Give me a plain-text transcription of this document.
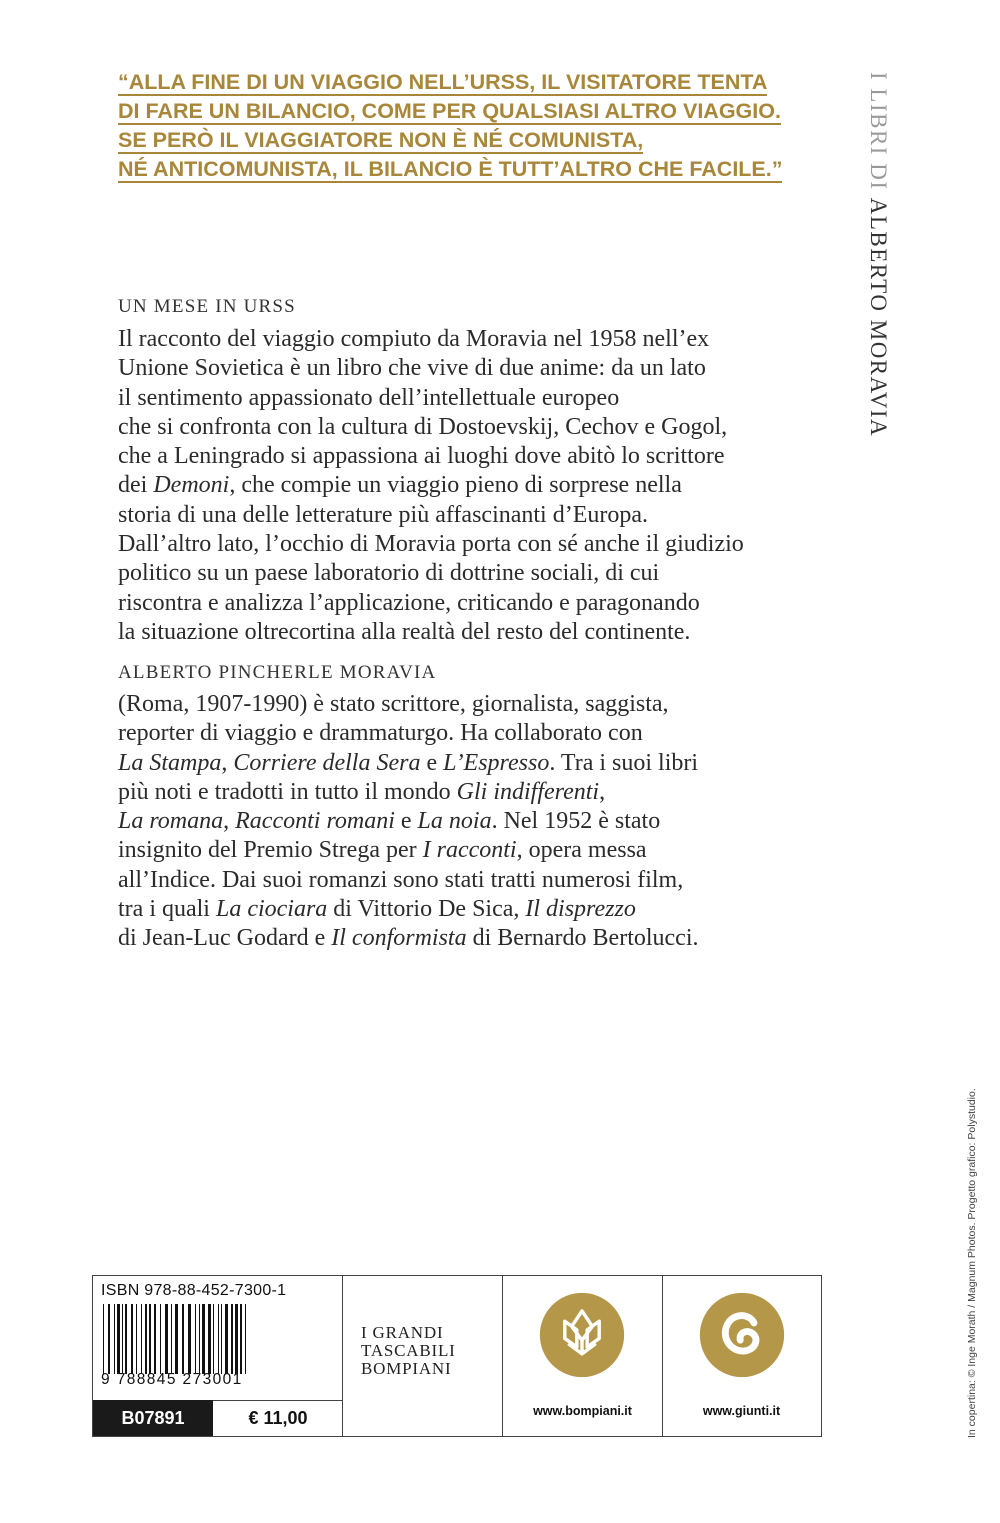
“ALLA FINE DI UN VIAGGIO NELL’URSS, IL VISITATORE TENTA
DI FARE UN BILANCIO, COME PER QUALSIASI ALTRO VIAGGIO.
SE PERÒ IL VIAGGIATORE NON È NÉ COMUNISTA,
NÉ ANTICOMUNISTA, IL BILANCIO È TUTT’ALTRO CHE FACILE.”	I LIBRI DI ALBERTO MORAVIA
UN MESE IN URSS
Il racconto del viaggio compiuto da Moravia nel 1958 nell’ex
Unione Sovietica è un libro che vive di due anime: da un lato
il sentimento appassionato dell’intellettuale europeo
che si confronta con la cultura di Dostoevskij, Cechov e Gogol,
che a Leningrado si appassiona ai luoghi dove abitò lo scrittore
dei Demoni, che compie un viaggio pieno di sorprese nella
storia di una delle letterature più affascinanti d’Europa.
Dall’altro lato, l’occhio di Moravia porta con sé anche il giudizio
politico su un paese laboratorio di dottrine sociali, di cui
riscontra e analizza l’applicazione, criticando e paragonando
la situazione oltrecortina alla realtà del resto del continente.
ALBERTO PINCHERLE MORAVIA
(Roma, 1907-1990) è stato scrittore, giornalista, saggista,
reporter di viaggio e drammaturgo. Ha collaborato con
La Stampa, Corriere della Sera e L’Espresso. Tra i suoi libri
più noti e tradotti in tutto il mondo Gli indifferenti,
La romana, Racconti romani e La noia. Nel 1952 è stato
insignito del Premio Strega per I racconti, opera messa
all’Indice. Dai suoi romanzi sono stati tratti numerosi film,
tra i quali La ciociara di Vittorio De Sica, Il disprezzo
di Jean-Luc Godard e Il conformista di Bernardo Bertolucci.
In copertina: © Inge Morath / Magnum Photos. Progetto grafico: Polystudio.
ISBN 978-88-452-7300-1
9 788845 273001
B07891	€ 11,00
I GRANDI
TASCABILI
BOMPIANI
www.bompiani.it	www.giunti.it
